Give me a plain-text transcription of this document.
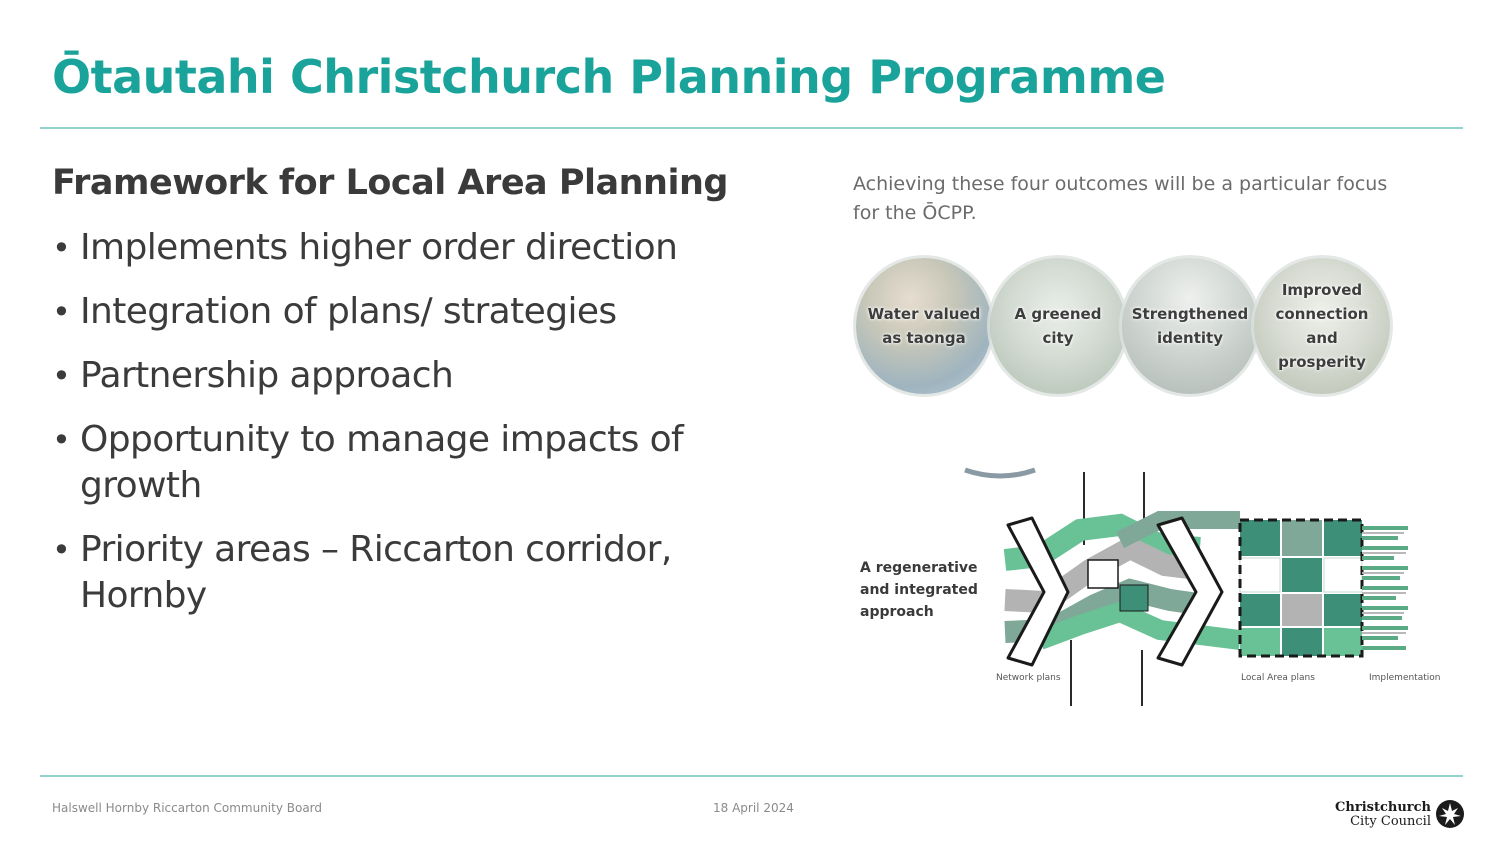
Ōtautahi Christchurch Planning Programme
Framework for Local Area Planning
• Implements higher order direction
• Integration of plans/ strategies
• Partnership approach
• Opportunity to manage impacts of growth
• Priority areas – Riccarton corridor, Hornby

Achieving these four outcomes will be a particular focus for the ŌCPP.

Water valued as taonga
A greened city
Strengthened identity
Improved connection and prosperity

A regenerative and integrated approach

Network plans	Local Area plans	Implementation
Halswell Hornby Riccarton Community Board	18 April 2024	Christchurch
City Council
